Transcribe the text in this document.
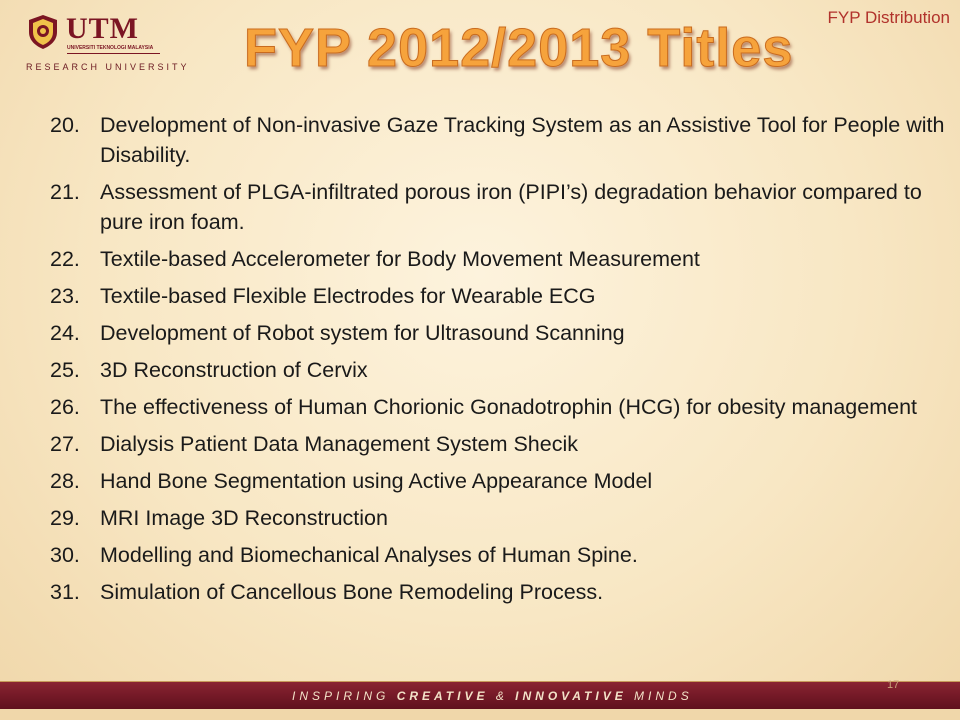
UTM
UNIVERSITI TEKNOLOGI MALAYSIA
RESEARCH UNIVERSITY
FYP Distribution
FYP 2012/2013 Titles
20. Development of Non-invasive Gaze Tracking System as an Assistive Tool for People with Disability.
21. Assessment of PLGA-infiltrated porous iron (PIPI’s) degradation behavior compared to pure iron foam.
22. Textile-based Accelerometer for Body Movement Measurement
23. Textile-based Flexible Electrodes for Wearable ECG
24. Development of Robot system for Ultrasound Scanning
25. 3D Reconstruction of Cervix
26. The effectiveness of Human Chorionic Gonadotrophin (HCG) for obesity management
27. Dialysis Patient Data Management System Shecik
28. Hand Bone Segmentation using Active Appearance Model
29. MRI Image 3D Reconstruction
30. Modelling and Biomechanical Analyses of Human Spine.
31. Simulation of Cancellous Bone Remodeling Process.
INSPIRING CREATIVE & INNOVATIVE MINDS
17
